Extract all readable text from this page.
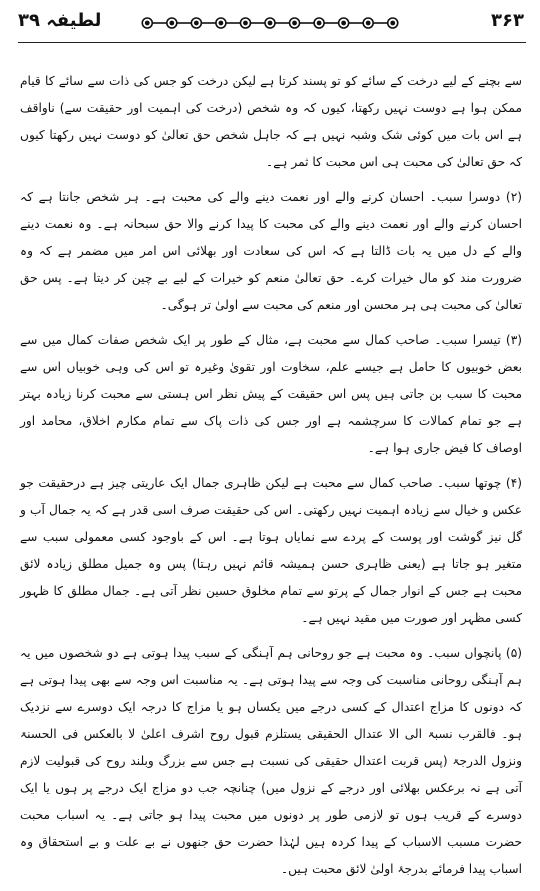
۳۶۳
لطیفہ ۳۹

سے بچنے کے لیے درخت کے سائے کو تو پسند کرتا ہے لیکن درخت کو جس کی ذات سے سائے کا قیام ممکن ہوا ہے دوست نہیں رکھتا، کیوں کہ وہ شخص (درخت کی اہمیت اور حقیقت سے) ناواقف ہے اس بات میں کوئی شک وشبہ نہیں ہے کہ جاہل شخص حق تعالیٰ کو دوست نہیں رکھتا کیوں کہ حق تعالیٰ کی محبت ہی اس محبت کا ثمر ہے۔

(۲) دوسرا سبب۔ احسان کرنے والے اور نعمت دینے والے کی محبت ہے۔ ہر شخص جانتا ہے کہ احسان کرنے والے اور نعمت دینے والے کی محبت کا پیدا کرنے والا حق سبحانہ ہے۔ وہ نعمت دینے والے کے دل میں یہ بات ڈالتا ہے کہ اس کی سعادت اور بھلائی اس امر میں مضمر ہے کہ وہ ضرورت مند کو مال خیرات کرے۔ حق تعالیٰ منعم کو خیرات کے لیے بے چین کر دیتا ہے۔ پس حق تعالیٰ کی محبت ہی ہر محسن اور منعم کی محبت سے اولیٰ تر ہوگی۔

(۳) تیسرا سبب۔ صاحب کمال سے محبت ہے، مثال کے طور پر ایک شخص صفات کمال میں سے بعض خوبیوں کا حامل ہے جیسے علم، سخاوت اور تقویٰ وغیرہ تو اس کی وہی خوبیاں اس سے محبت کا سبب بن جاتی ہیں پس اس حقیقت کے پیش نظر اس ہستی سے محبت کرنا زیادہ بہتر ہے جو تمام کمالات کا سرچشمہ ہے اور جس کی ذات پاک سے تمام مکارم اخلاق، محامد اور اوصاف کا فیض جاری ہوا ہے۔

(۴) چوتھا سبب۔ صاحب کمال سے محبت ہے لیکن ظاہری جمال ایک عاریتی چیز ہے درحقیقت جو عکس و خیال سے زیادہ اہمیت نہیں رکھتی۔ اس کی حقیقت صرف اسی قدر ہے کہ یہ جمال آب و گل نیز گوشت اور پوست کے پردے سے نمایاں ہوتا ہے۔ اس کے باوجود کسی معمولی سبب سے متغیر ہو جاتا ہے (یعنی ظاہری حسن ہمیشہ قائم نہیں رہتا) پس وہ جمیل مطلق زیادہ لائق محبت ہے جس کے انوار جمال کے پرتو سے تمام مخلوق حسین نظر آتی ہے۔ جمال مطلق کا ظہور کسی مظہر اور صورت میں مقید نہیں ہے۔

(۵) پانچواں سبب۔ وہ محبت ہے جو روحانی ہم آہنگی کے سبب پیدا ہوتی ہے دو شخصوں میں یہ ہم آہنگی روحانی مناسبت کی وجہ سے پیدا ہوتی ہے۔ یہ مناسبت اس وجہ سے بھی پیدا ہوتی ہے کہ دونوں کا مزاج اعتدال کے کسی درجے میں یکساں ہو یا مزاج کا درجہ ایک دوسرے سے نزدیک ہو۔ فالقرب نسبۃ الی الا عتدال الحقیقی یستلزم قبول روح اشرف اعلیٰ لا بالعکس فی الحسنۃ ونزول الدرجۃ (پس قربت اعتدال حقیقی کی نسبت ہے جس سے بزرگ وبلند روح کی قبولیت لازم آتی ہے نہ برعکس بھلائی اور درجے کے نزول میں) چنانچہ جب دو مزاج ایک درجے پر ہوں یا ایک دوسرے کے قریب ہوں تو لازمی طور پر دونوں میں محبت پیدا ہو جاتی ہے۔ یہ اسباب محبت حضرت مسبب الاسباب کے پیدا کردہ ہیں لہٰذا حضرت حق جنھوں نے بے علت و بے استحقاق وہ اسباب پیدا فرمائے بدرجۂ اولیٰ لائق محبت ہیں۔
